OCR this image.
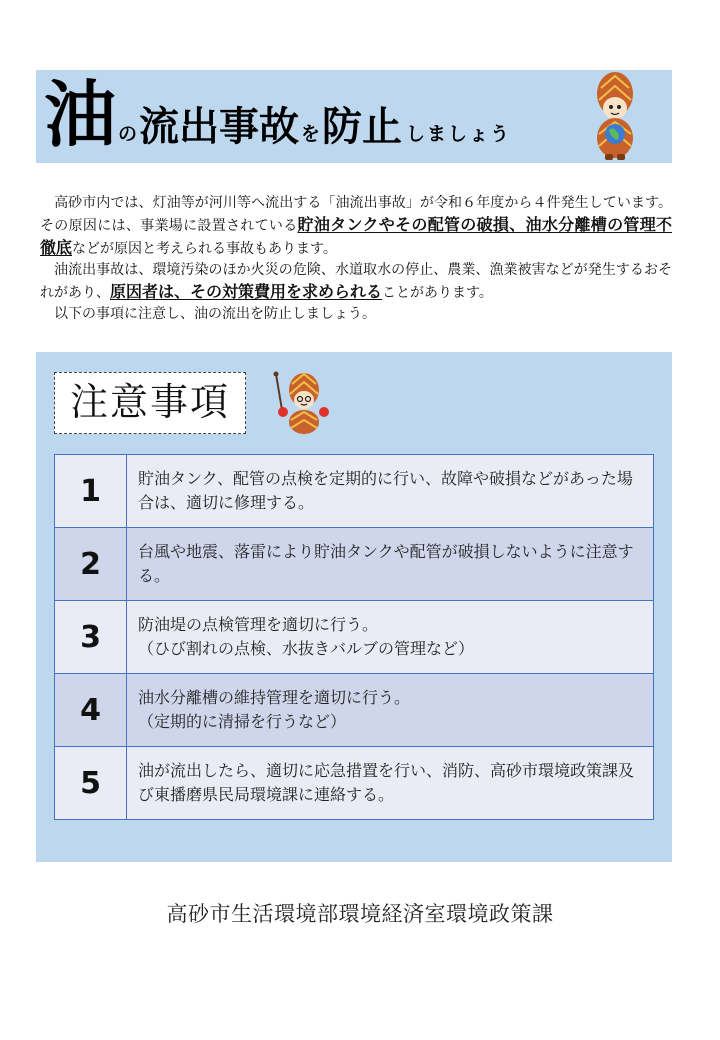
油 の 流出事故 を 防止 しましょう

　高砂市内では、灯油等が河川等へ流出する「油流出事故」が令和６年度から４件発生しています。その原因には、事業場に設置されている貯油タンクやその配管の破損、油水分離槽の管理不徹底などが原因と考えられる事故もあります。

　油流出事故は、環境汚染のほか火災の危険、水道取水の停止、農業、漁業被害などが発生するおそれがあり、原因者は、その対策費用を求められることがあります。

　以下の事項に注意し、油の流出を防止しましょう。

注意事項
1	貯油タンク、配管の点検を定期的に行い、故障や破損などがあった場合は、適切に修理する。
2	台風や地震、落雷により貯油タンクや配管が破損しないように注意する。
3	防油堤の点検管理を適切に行う。
（ひび割れの点検、水抜きバルブの管理など）

4	油水分離槽の維持管理を適切に行う。
（定期的に清掃を行うなど）

5	油が流出したら、適切に応急措置を行い、消防、高砂市環境政策課及び東播磨県民局環境課に連絡する。
高砂市生活環境部環境経済室環境政策課
